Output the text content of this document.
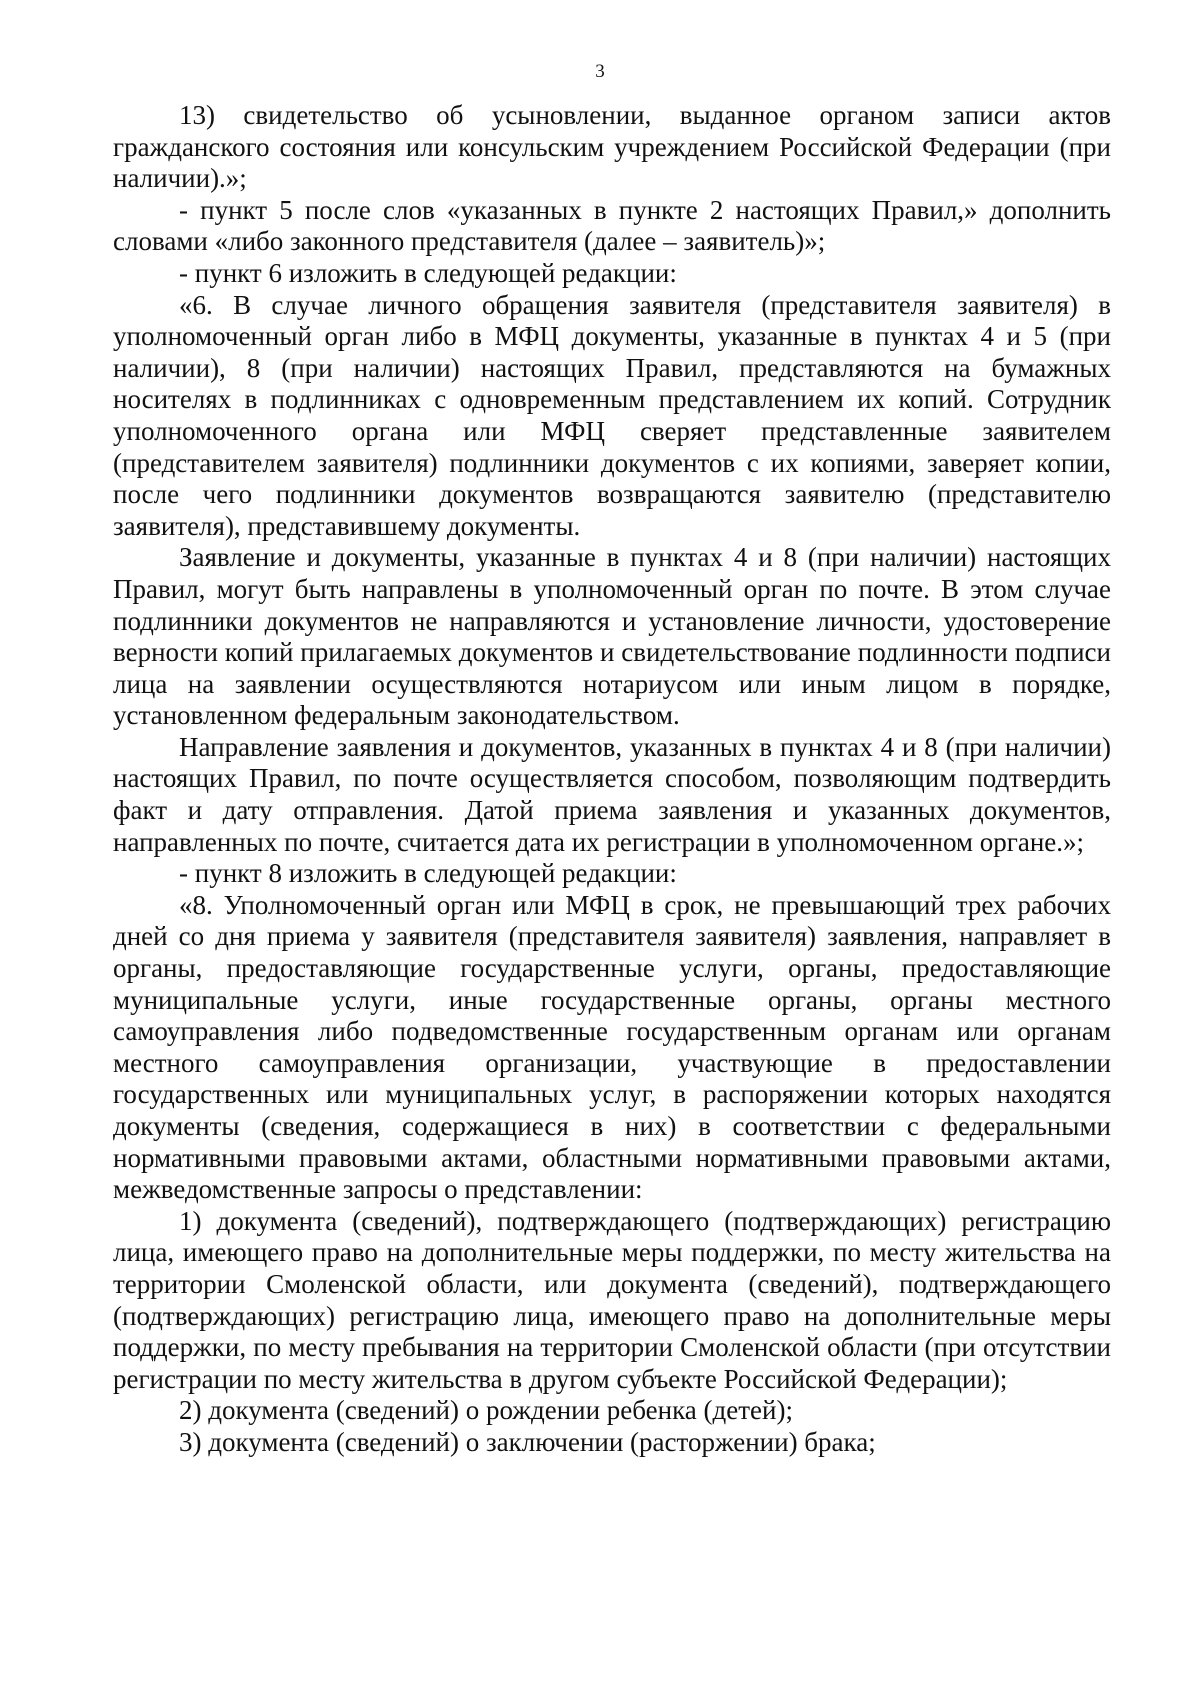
3

13) свидетельство об усыновлении, выданное органом записи актов гражданского состояния или консульским учреждением Российской Федерации (при наличии).»;

- пункт 5 после слов «указанных в пункте 2 настоящих Правил,» дополнить словами «либо законного представителя (далее – заявитель)»;

- пункт 6 изложить в следующей редакции:

«6. В случае личного обращения заявителя (представителя заявителя) в уполномоченный орган либо в МФЦ документы, указанные в пунктах 4 и 5 (при наличии), 8 (при наличии) настоящих Правил, представляются на бумажных носителях в подлинниках с одновременным представлением их копий. Сотрудник уполномоченного органа или МФЦ сверяет представленные заявителем (представителем заявителя) подлинники документов с их копиями, заверяет копии, после чего подлинники документов возвращаются заявителю (представителю заявителя), представившему документы.

Заявление и документы, указанные в пунктах 4 и 8 (при наличии) настоящих Правил, могут быть направлены в уполномоченный орган по почте. В этом случае подлинники документов не направляются и установление личности, удостоверение верности копий прилагаемых документов и свидетельствование подлинности подписи лица на заявлении осуществляются нотариусом или иным лицом в порядке, установленном федеральным законодательством.

Направление заявления и документов, указанных в пунктах 4 и 8 (при наличии) настоящих Правил, по почте осуществляется способом, позволяющим подтвердить факт и дату отправления. Датой приема заявления и указанных документов, направленных по почте, считается дата их регистрации в уполномоченном органе.»;

- пункт 8 изложить в следующей редакции:

«8. Уполномоченный орган или МФЦ в срок, не превышающий трех рабочих дней со дня приема у заявителя (представителя заявителя) заявления, направляет в органы, предоставляющие государственные услуги, органы, предоставляющие муниципальные услуги, иные государственные органы, органы местного самоуправления либо подведомственные государственным органам или органам местного самоуправления организации, участвующие в предоставлении государственных или муниципальных услуг, в распоряжении которых находятся документы (сведения, содержащиеся в них) в соответствии с федеральными нормативными правовыми актами, областными нормативными правовыми актами, межведомственные запросы о представлении:

1) документа (сведений), подтверждающего (подтверждающих) регистрацию лица, имеющего право на дополнительные меры поддержки, по месту жительства на территории Смоленской области, или документа (сведений), подтверждающего (подтверждающих) регистрацию лица, имеющего право на дополнительные меры поддержки, по месту пребывания на территории Смоленской области (при отсутствии регистрации по месту жительства в другом субъекте Российской Федерации);

2) документа (сведений) о рождении ребенка (детей);

3) документа (сведений) о заключении (расторжении) брака;
